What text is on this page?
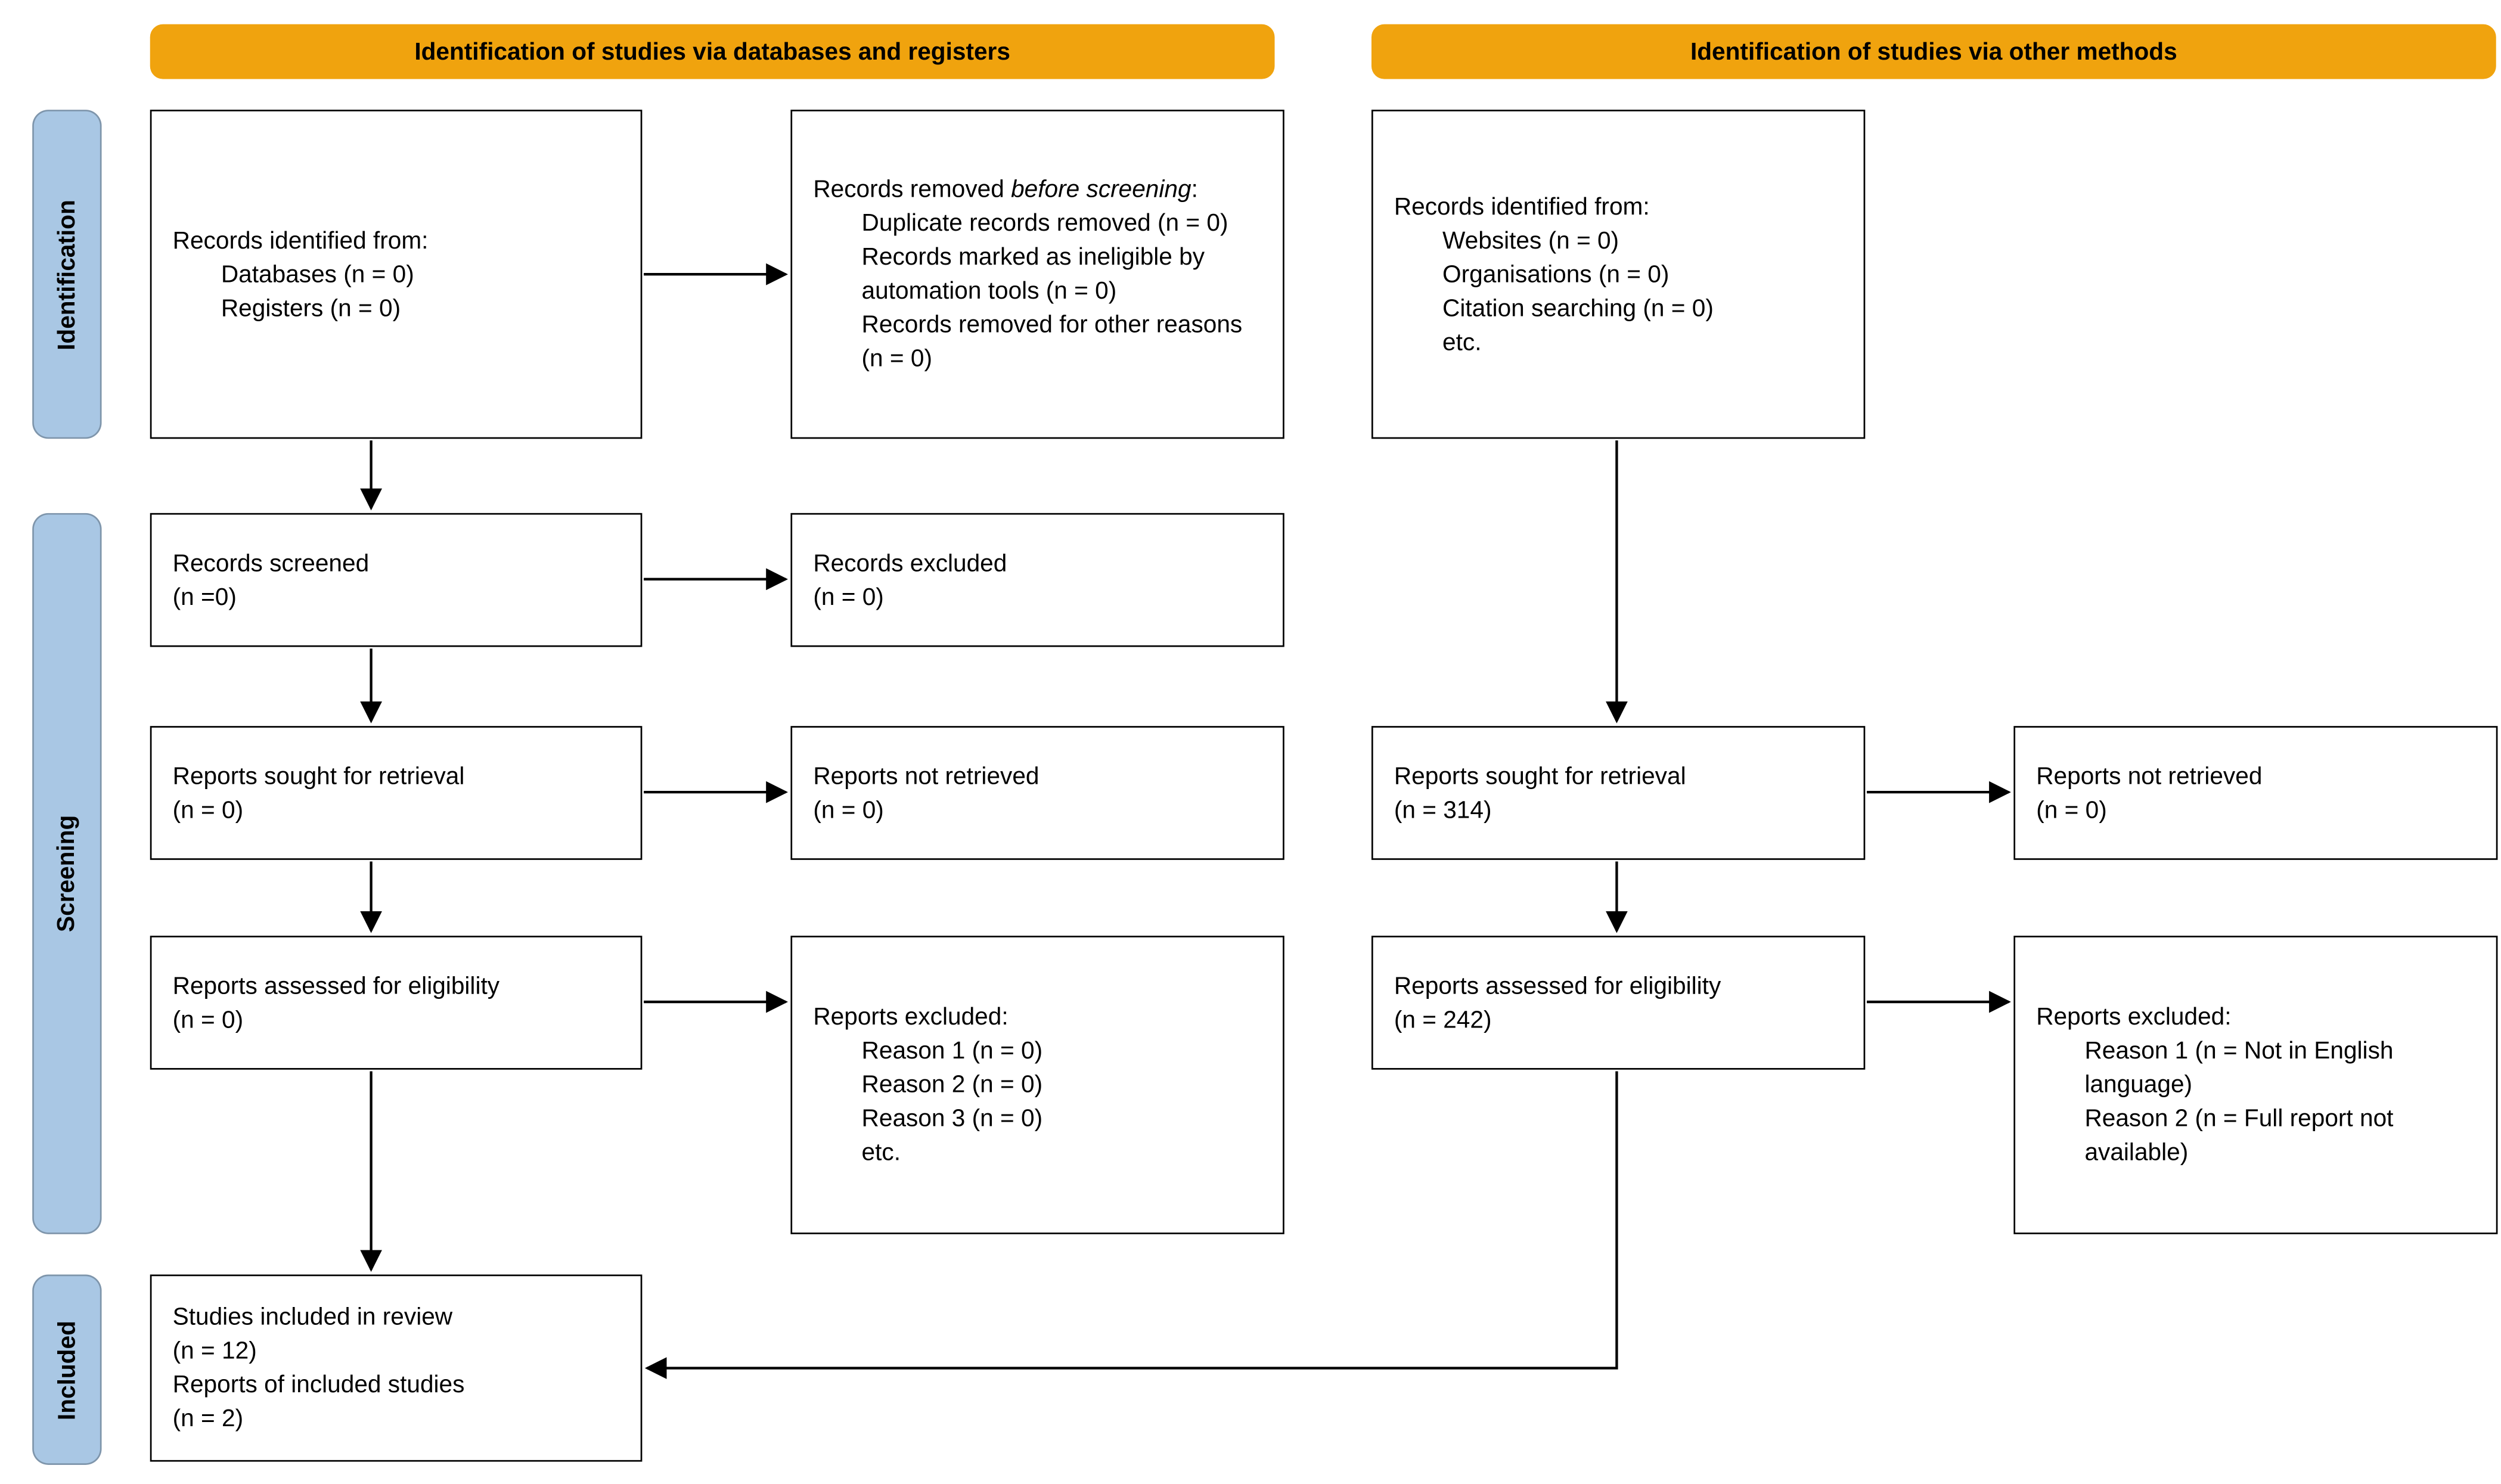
Identification of studies via databases and registers	Identification of studies via other methods
Identification
Screening
Included
Records identified from:
Databases (n = 0)
Registers (n = 0)
Records removed before screening:
Duplicate records removed (n = 0)
Records marked as ineligible by automation tools (n = 0)
Records removed for other reasons (n = 0)
Records screened
(n =0)
Records excluded
(n = 0)
Reports sought for retrieval
(n = 0)
Reports not retrieved
(n = 0)
Reports assessed for eligibility
(n = 0)	Reports excluded:
Reason 1 (n = 0)
Reason 2 (n = 0)
Reason 3 (n = 0)
etc.
Studies included in review
(n = 12)
Reports of included studies
(n = 2)
Records identified from:
Websites (n = 0)
Organisations (n = 0)
Citation searching (n = 0)
etc.
Reports sought for retrieval
(n = 314)
Reports not retrieved
(n = 0)
Reports assessed for eligibility
(n = 242)	Reports excluded:
Reason 1 (n = Not in English language)
Reason 2 (n = Full report not available)
